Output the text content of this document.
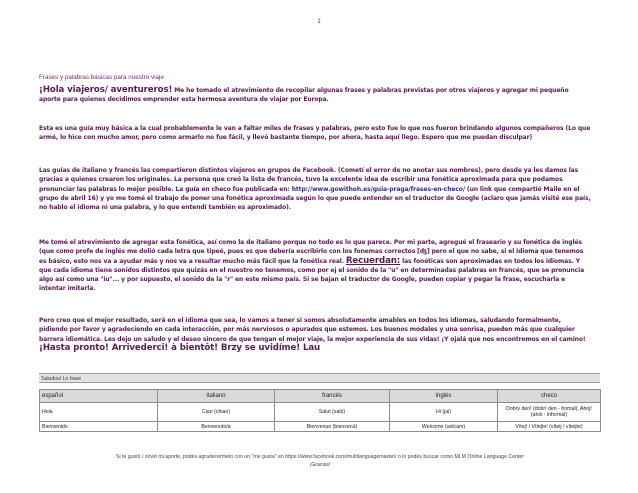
1
Frases y palabras básicas para nuestro viaje
¡Hola viajeros/ aventureros! Me he tomado el atrevimiento de recopilar algunas frases y palabras previstas por otros viajeros y agregar mi pequeño aporte para quienes decidimos emprender esta hermosa aventura de viajar por Europa.
Esta es una guía muy básica a la cual probablemente le van a faltar miles de frases y palabras, pero esto fue lo que nos fueron brindando algunos compañeros (Lo que armé, lo hice con mucho amor, pero como armarlo no fue fácil, y llevó bastante tiempo, por ahora, hasta aquí llego. Espero que me puedan disculpar)
Las guías de italiano y francés las compartieron distintos viajeros en grupos de Facebook. (Cometí el error de no anotar sus nombres), pero desde ya les damos las gracias a quienes crearon los originales. La persona que creó la lista de francés, tuvo la excelente idea de escribir una fonética aproximada para que podamos pronunciar las palabras lo mejor posible. La guía en checo fue publicada en: http://www.gowithoh.es/guia-praga/frases-en-checo/ (un link que compartió Maile en el grupo de abril 16) y yo me tomé el trabajo de poner una fonética aproximada según lo que puede entender en el traductor de Google (aclaro que jamás visité ese país, no hablo el idioma ni una palabra, y lo que entendí también es aproximado).
Me tomé el atrevimiento de agregar esta fonética, así como la de italiano porque no todo es lo que parece. Por mi parte, agregué el fraseario y su fonética de inglés (que como profe de inglés me dolió cada letra que tipeé, pues es que debería escribirlo con los fonemas correctos [ʤ] pero el que no sabe, si el idioma que tenemos es básico, esto nos va a ayudar más y nos va a resultar mucho más fácil que la fonética real. Recuerdan: las fonéticas son aproximadas en todos los idiomas. Y que cada idioma tiene sonidos distintos que quizás en el nuestro no tenemos, como por ej el sonido de la "u" en determinadas palabras en francés, que se pronuncia algo así como una "iu"... y por supuesto, el sonido de la "r" en este mismo país. Si se bajan el traductor de Google, pueden copiar y pegar la frase, escucharla e intentar imitarla.
Pero creo que el mejor resultado, será en el idioma que sea, lo vamos a tener si somos absolutamente amables en todos los idiomas, saludando formalmente, pidiendo por favor y agradeciendo en cada interacción, por más nerviosos o apurados que estemos. Los buenos modales y una sonrisa, pueden más que cualquier barrera idiomática. Les dejo un saludo y el deseo sincero de que tengan el mejor viaje, la mejor experiencia de sus vidas! ¡Y ojalá que nos encontremos en el camino! ¡Hasta pronto! Arrivederci! à bientôt! Brzy se uvidíme! Lau
Saludos/ Lo base
español	italiano	francés	inglés	checo
Hola	Ciao (chiao)	Salut (salú)	Hi (jai)	Dobrý den! (dobrí den - formal), Ahoj! (ahói - informal)
Bienvenido	Benvenuto/a	Bienvenue (bienvenú)	Welcome (uelcam)	Vítej! / Vítejte! (víteij / víteijte)
Si te gustó / sirvió mi aporte, podés agradecérmelo con un "me gusta" en https://www.facebook.com/multilanguagemaster/ o lo podés buscar como MLM Online Language Center
¡Gracias!
